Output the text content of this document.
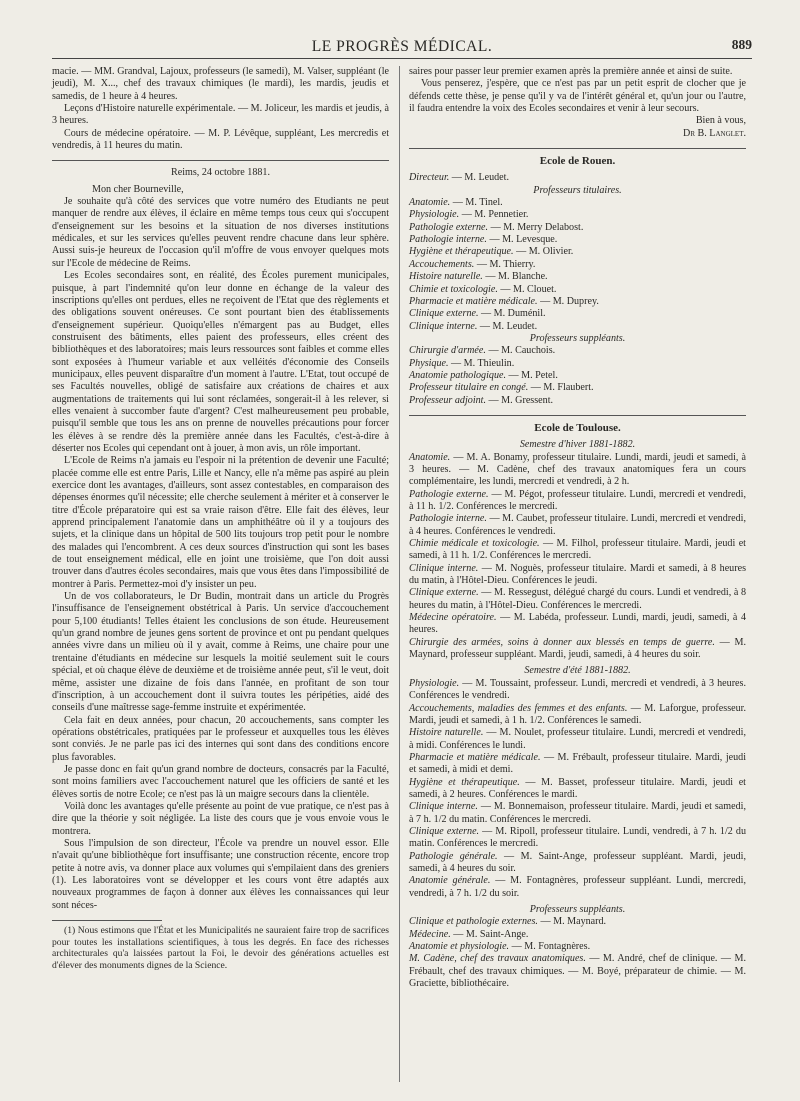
LE PROGRÈS MÉDICAL.	889

macie. — MM. Grandval, Lajoux, professeurs (le samedi), M. Valser, suppléant (le jeudi), M. X..., chef des travaux chimiques (le mardi), les mardis, jeudis et samedis, de 1 heure à 4 heures.

Leçons d'Histoire naturelle expérimentale. — M. Joliceur, les mardis et jeudis, à 3 heures.

Cours de médecine opératoire. — M. P. Lévêque, suppléant, Les mercredis et vendredis, à 11 heures du matin.

Reims, 24 octobre 1881.

Mon cher Bourneville,

Je souhaite qu'à côté des services que votre numéro des Etudiants ne peut manquer de rendre aux élèves, il éclaire en même temps tous ceux qui s'occupent d'enseignement sur les besoins et la situation de nos diverses institutions médicales, et sur les services qu'elles peuvent rendre chacune dans leur sphère. Aussi suis-je heureux de l'occasion qu'il m'offre de vous envoyer quelques mots sur l'Ecole de médecine de Reims.

Les Ecoles secondaires sont, en réalité, des Écoles purement municipales, puisque, à part l'indemnité qu'on leur donne en échange de la valeur des inscriptions qu'elles ont perdues, elles ne reçoivent de l'Etat que des règlements et des obligations souvent onéreuses. Ce sont pourtant bien des établissements d'enseignement supérieur. Quoiqu'elles n'émargent pas au Budget, elles construisent des bâtiments, elles paient des professeurs, elles créent des bibliothèques et des laboratoires; mais leurs ressources sont faibles et comme elles sont exposées à l'humeur variable et aux velléités d'économie des Conseils municipaux, elles peuvent disparaître d'un moment à l'autre. L'Etat, tout occupé de ses Facultés nouvelles, obligé de satisfaire aux créations de chaires et aux augmentations de traitements qui lui sont réclamées, songerait-il à les relever, si elles venaient à succomber faute d'argent? C'est malheureusement peu probable, puisqu'il semble que tous les ans on prenne de nouvelles précautions pour forcer les élèves à se rendre dès la première année dans les Facultés, c'est-à-dire à déserter nos Ecoles qui cependant ont à jouer, à mon avis, un rôle important.

L'Ecole de Reims n'a jamais eu l'espoir ni la prétention de devenir une Faculté; placée comme elle est entre Paris, Lille et Nancy, elle n'a même pas aspiré au plein exercice dont les avantages, d'ailleurs, sont assez contestables, en comparaison des dépenses énormes qu'il nécessite; elle cherche seulement à mériter et à conserver le titre d'École préparatoire qui est sa vraie raison d'être. Elle fait des élèves, leur apprend principalement l'anatomie dans un amphithéâtre où il y a toujours des sujets, et la clinique dans un hôpital de 500 lits toujours trop petit pour le nombre des malades qui l'encombrent. A ces deux sources d'instruction qui sont les bases de tout enseignement médical, elle en joint une troisième, que l'on doit aussi trouver dans d'autres écoles secondaires, mais que vous êtes dans l'impossibilité de montrer à Paris. Permettez-moi d'y insister un peu.

Un de vos collaborateurs, le Dr Budin, montrait dans un article du Progrès l'insuffisance de l'enseignement obstétrical à Paris. Un service d'accouchement pour 5,100 étudiants! Telles étaient les conclusions de son étude. Heureusement qu'un grand nombre de jeunes gens sortent de province et ont pu pendant quelques années vivre dans un milieu où il y avait, comme à Reims, une chaire pour une trentaine d'étudiants en médecine sur lesquels la moitié seulement suit le cours spécial, et où chaque élève de deuxième et de troisième année peut, s'il le veut, doit même, assister une dizaine de fois dans l'année, en profitant de son tour d'inscription, à un accouchement dont il suivra toutes les péripéties, aidé des conseils d'une maîtresse sage-femme instruite et expérimentée.

Cela fait en deux années, pour chacun, 20 accouchements, sans compter les opérations obstétricales, pratiquées par le professeur et auxquelles tous les élèves sont conviés. Je ne parle pas ici des internes qui sont dans des conditions encore plus favorables.

Je passe donc en fait qu'un grand nombre de docteurs, consacrés par la Faculté, sont moins familiers avec l'accouchement naturel que les officiers de santé et les élèves sortis de notre Ecole; ce n'est pas là un maigre secours dans la clientèle.

Voilà donc les avantages qu'elle présente au point de vue pratique, ce n'est pas à dire que la théorie y soit négligée. La liste des cours que je vous envoie vous le montrera.

Sous l'impulsion de son directeur, l'École va prendre un nouvel essor. Elle n'avait qu'une bibliothèque fort insuffisante; une construction récente, encore trop petite à notre avis, va donner place aux volumes qui s'empilaient dans des greniers (1). Les laboratoires vont se développer et les cours vont être adaptés aux nouveaux programmes de façon à donner aux élèves les connaissances qui leur sont néces-

(1) Nous estimons que l'État et les Municipalités ne sauraient faire trop de sacrifices pour toutes les installations scientifiques, à tous les degrés. En face des richesses architecturales qu'a laissées partout la Foi, le devoir des générations actuelles est d'élever des monuments dignes de la Science.

saires pour passer leur premier examen après la première année et ainsi de suite.

Vous penserez, j'espère, que ce n'est pas par un petit esprit de clocher que je défends cette thèse, je pense qu'il y va de l'intérêt général et, qu'un jour ou l'autre, il faudra entendre la voix des Ecoles secondaires et venir à leur secours.

Bien à vous,
Dr B. Langlet.
Ecole de Rouen.

Directeur. — M. Leudet.

Professeurs titulaires.

Anatomie. — M. Tinel.

Physiologie. — M. Pennetier.

Pathologie externe. — M. Merry Delabost.

Pathologie interne. — M. Levesque.

Hygiène et thérapeutique. — M. Olivier.

Accouchements. — M. Thierry.

Histoire naturelle. — M. Blanche.

Chimie et toxicologie. — M. Clouet.

Pharmacie et matière médicale. — M. Duprey.

Clinique externe. — M. Duménil.

Clinique interne. — M. Leudet.

Professeurs suppléants.

Chirurgie d'armée. — M. Cauchois.

Physique. — M. Thieulin.

Anatomie pathologique. — M. Petel.

Professeur titulaire en congé. — M. Flaubert.

Professeur adjoint. — M. Gressent.

Ecole de Toulouse.

Semestre d'hiver 1881-1882.

Anatomie. — M. A. Bonamy, professeur titulaire. Lundi, mardi, jeudi et samedi, à 3 heures. — M. Cadène, chef des travaux anatomiques fera un cours complémentaire, les lundi, mercredi et vendredi, à 2 h.

Pathologie externe. — M. Pégot, professeur titulaire. Lundi, mercredi et vendredi, à 11 h. 1/2. Conférences le mercredi.

Pathologie interne. — M. Caubet, professeur titulaire. Lundi, mercredi et vendredi, à 4 heures. Conférences le vendredi.

Chimie médicale et toxicologie. — M. Filhol, professeur titulaire. Mardi, jeudi et samedi, à 11 h. 1/2. Conférences le mercredi.

Clinique interne. — M. Noguès, professeur titulaire. Mardi et samedi, à 8 heures du matin, à l'Hôtel-Dieu. Conférences le jeudi.

Clinique externe. — M. Ressegust, délégué chargé du cours. Lundi et vendredi, à 8 heures du matin, à l'Hôtel-Dieu. Conférences le mercredi.

Médecine opératoire. — M. Labéda, professeur. Lundi, mardi, jeudi, samedi, à 4 heures.

Chirurgie des armées, soins à donner aux blessés en temps de guerre. — M. Maynard, professeur suppléant. Mardi, jeudi, samedi, à 4 heures du soir.

Semestre d'été 1881-1882.

Physiologie. — M. Toussaint, professeur. Lundi, mercredi et vendredi, à 3 heures. Conférences le vendredi.

Accouchements, maladies des femmes et des enfants. — M. Laforgue, professeur. Mardi, jeudi et samedi, à 1 h. 1/2. Conférences le samedi.

Histoire naturelle. — M. Noulet, professeur titulaire. Lundi, mercredi et vendredi, à midi. Conférences le lundi.

Pharmacie et matière médicale. — M. Frébault, professeur titulaire. Mardi, jeudi et samedi, à midi et demi.

Hygiène et thérapeutique. — M. Basset, professeur titulaire. Mardi, jeudi et samedi, à 2 heures. Conférences le mardi.

Clinique interne. — M. Bonnemaison, professeur titulaire. Mardi, jeudi et samedi, à 7 h. 1/2 du matin. Conférences le mercredi.

Clinique externe. — M. Ripoll, professeur titulaire. Lundi, vendredi, à 7 h. 1/2 du matin. Conférences le mercredi.

Pathologie générale. — M. Saint-Ange, professeur suppléant. Mardi, jeudi, samedi, à 4 heures du soir.

Anatomie générale. — M. Fontagnères, professeur suppléant. Lundi, mercredi, vendredi, à 7 h. 1/2 du soir.

Professeurs suppléants.

Clinique et pathologie externes. — M. Maynard.

Médecine. — M. Saint-Ange.

Anatomie et physiologie. — M. Fontagnères.

M. Cadène, chef des travaux anatomiques. — M. André, chef de clinique. — M. Frébault, chef des travaux chimiques. — M. Boyé, préparateur de chimie. — M. Graciette, bibliothécaire.
